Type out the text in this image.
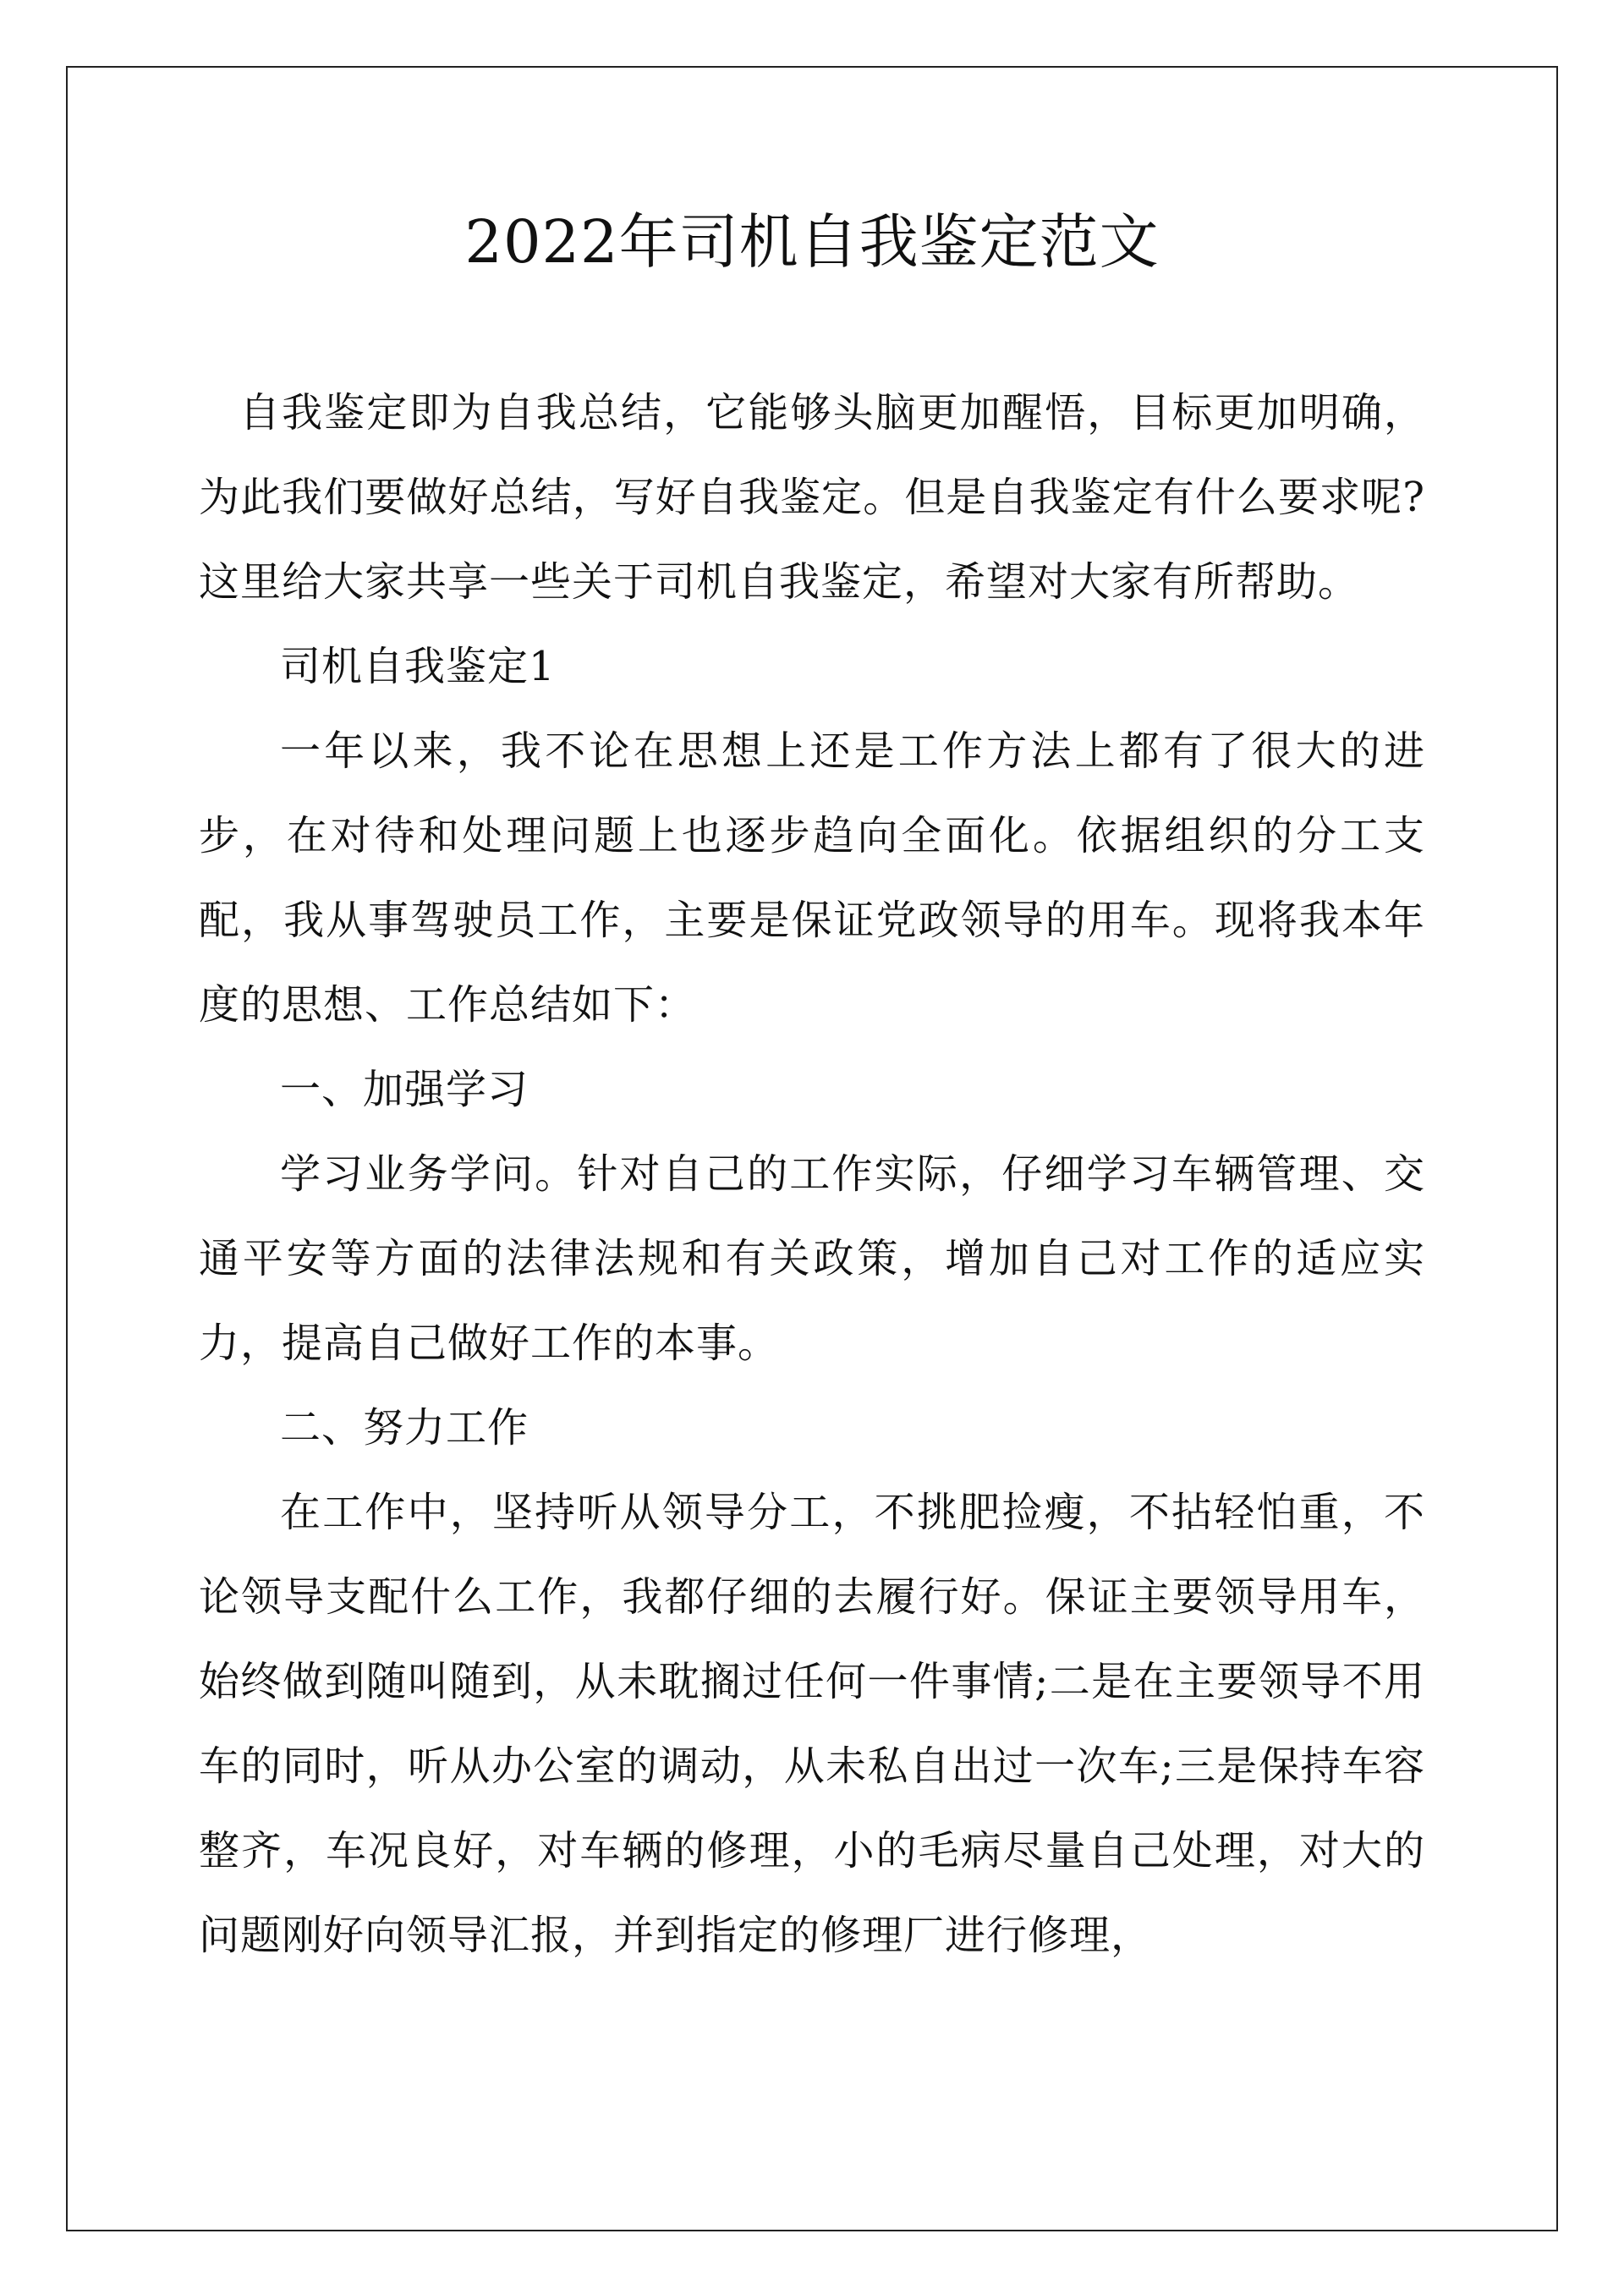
2022年司机自我鉴定范文

自我鉴定即为自我总结，它能够头脑更加醒悟，目标更加明确，为此我们要做好总结，写好自我鉴定。但是自我鉴定有什么要求呢?这里给大家共享一些关于司机自我鉴定，希望对大家有所帮助。

司机自我鉴定1

一年以来，我不论在思想上还是工作方法上都有了很大的进步，在对待和处理问题上也逐步趋向全面化。依据组织的分工支配，我从事驾驶员工作，主要是保证党政领导的用车。现将我本年度的思想、工作总结如下：

一、加强学习

学习业务学问。针对自己的工作实际，仔细学习车辆管理、交通平安等方面的法律法规和有关政策，增加自己对工作的适应实力，提高自己做好工作的本事。

二、努力工作

在工作中，坚持听从领导分工，不挑肥捡瘦，不拈轻怕重，不论领导支配什么工作，我都仔细的去履行好。保证主要领导用车，始终做到随叫随到，从未耽搁过任何一件事情;二是在主要领导不用车的同时，听从办公室的调动，从未私自出过一次车;三是保持车容整齐，车况良好，对车辆的修理，小的毛病尽量自己处理，对大的问题刚好向领导汇报，并到指定的修理厂进行修理，
